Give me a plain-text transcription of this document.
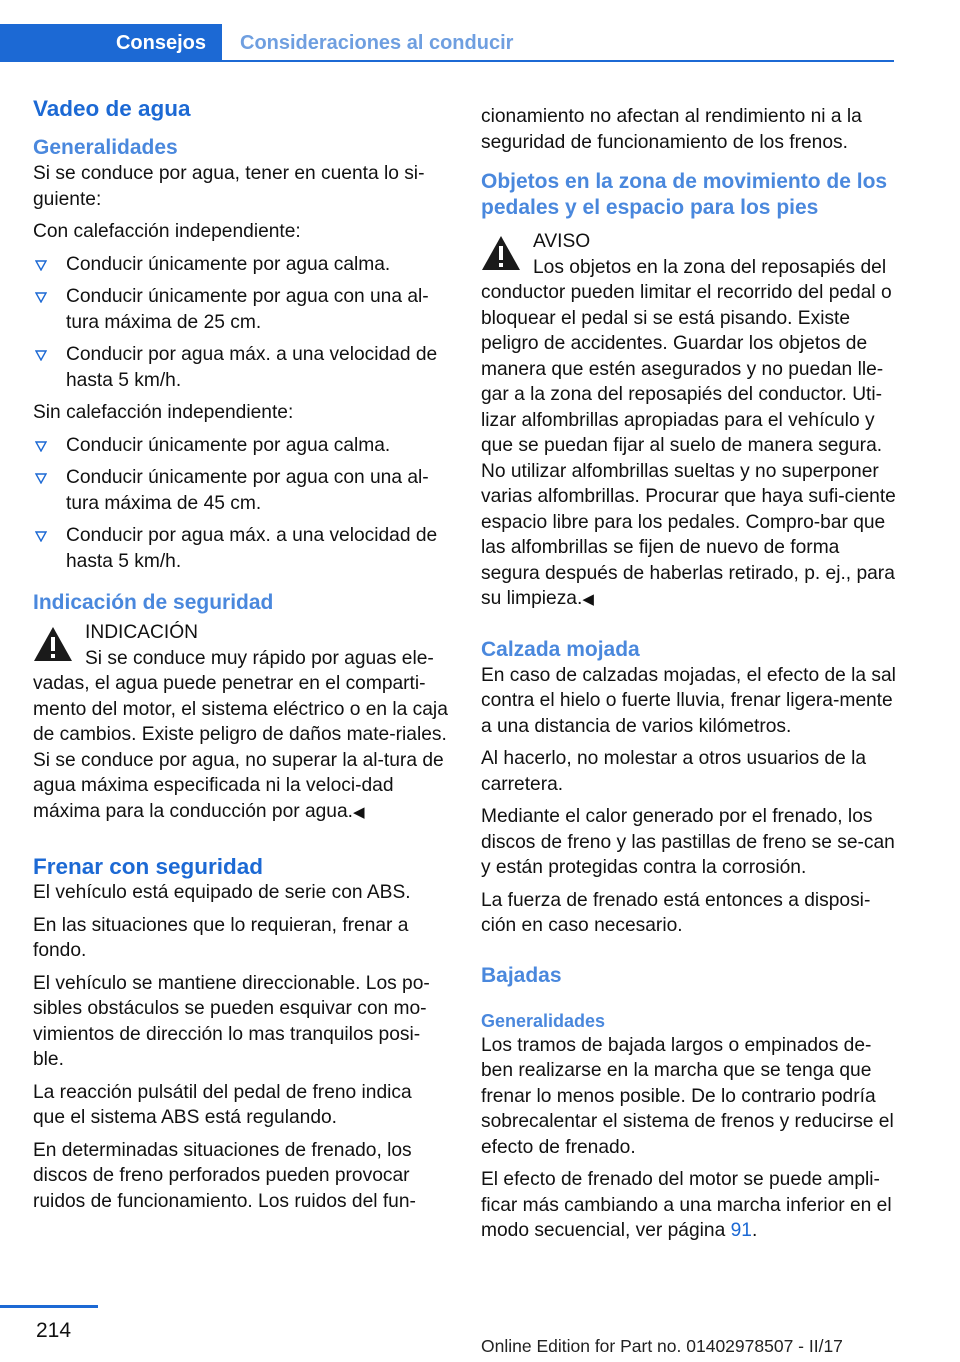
Consejos Consideraciones al conducir
Vadeo de agua
Generalidades

Si se conduce por agua, tener en cuenta lo si‐guiente:

Con calefacción independiente:

Conducir únicamente por agua calma.
Conducir únicamente por agua con una al‐tura máxima de 25 cm.
Conducir por agua máx. a una velocidad de hasta 5 km/h.

Sin calefacción independiente:

Conducir únicamente por agua calma.
Conducir únicamente por agua con una al‐tura máxima de 45 cm.
Conducir por agua máx. a una velocidad de hasta 5 km/h.
Indicación de seguridad
INDICACIÓN

Si se conduce muy rápido por aguas ele‐vadas, el agua puede penetrar en el comparti‐mento del motor, el sistema eléctrico o en la caja de cambios. Existe peligro de daños mate‐riales. Si se conduce por agua, no superar la al‐tura de agua máxima especificada ni la veloci‐dad máxima para la conducción por agua.◀

Frenar con seguridad

El vehículo está equipado de serie con ABS.

En las situaciones que lo requieran, frenar a fondo.

El vehículo se mantiene direccionable. Los po‐sibles obstáculos se pueden esquivar con mo‐vimientos de dirección lo mas tranquilos posi‐ble.

La reacción pulsátil del pedal de freno indica que el sistema ABS está regulando.

En determinadas situaciones de frenado, los discos de freno perforados pueden provocar ruidos de funcionamiento. Los ruidos del fun‐

cionamiento no afectan al rendimiento ni a la seguridad de funcionamiento de los frenos.

Objetos en la zona de movimiento de los pedales y el espacio para los pies
AVISO

Los objetos en la zona del reposapiés del conductor pueden limitar el recorrido del pedal o bloquear el pedal si se está pisando. Existe peligro de accidentes. Guardar los objetos de manera que estén asegurados y no puedan lle‐gar a la zona del reposapiés del conductor. Uti‐lizar alfombrillas apropiadas para el vehículo y que se puedan fijar al suelo de manera segura. No utilizar alfombrillas sueltas y no superponer varias alfombrillas. Procurar que haya sufi‐ciente espacio libre para los pedales. Compro‐bar que las alfombrillas se fijen de nuevo de forma segura después de haberlas retirado, p. ej., para su limpieza.◀

Calzada mojada

En caso de calzadas mojadas, el efecto de la sal contra el hielo o fuerte lluvia, frenar ligera‐mente a una distancia de varios kilómetros.

Al hacerlo, no molestar a otros usuarios de la carretera.

Mediante el calor generado por el frenado, los discos de freno y las pastillas de freno se se‐can y están protegidas contra la corrosión.

La fuerza de frenado está entonces a disposi‐ción en caso necesario.

Bajadas
Generalidades

Los tramos de bajada largos o empinados de‐ben realizarse en la marcha que se tenga que frenar lo menos posible. De lo contrario podría sobrecalentar el sistema de frenos y reducirse el efecto de frenado.

El efecto de frenado del motor se puede ampli‐ficar más cambiando a una marcha inferior en el modo secuencial, ver página 91.

214
Online Edition for Part no. 01402978507 - II/17
